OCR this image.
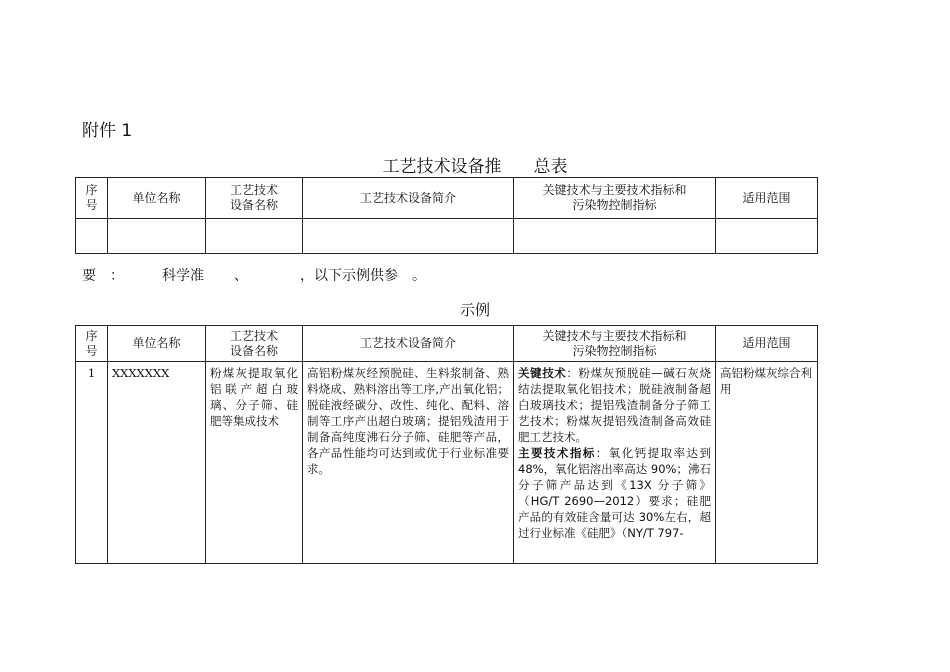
附件 1
工艺技术设备推 总表
序
号	单位名称	工艺技术
设备名称	工艺技术设备简介	关键技术与主要技术指标和
污染物控制指标	适用范围

要 ：	科学准 、	，以下示例供参 。
示例
序
号	单位名称	工艺技术
设备名称	工艺技术设备简介	关键技术与主要技术指标和
污染物控制指标	适用范围

1	XXXXXXX	粉煤灰提取氧化铝联产超白玻璃、分子筛、硅肥等集成技术	高铝粉煤灰经预脱硅、生料浆制备、熟料烧成、熟料溶出等工序,产出氧化铝；脱硅液经碳分、改性、纯化、配料、溶制等工序产出超白玻璃；提铝残渣用于制备高纯度沸石分子筛、硅肥等产品，各产品性能均可达到或优于行业标准要求。	关键技术：粉煤灰预脱硅—碱石灰烧结法提取氧化铝技术；脱硅液制备超白玻璃技术；提铝残渣制备分子筛工艺技术；粉煤灰提铝残渣制备高效硅肥工艺技术。
主要技术指标：氧化钙提取率达到48%，氧化铝溶出率高达 90%；沸石分子筛产品达到《13X 分子筛》（HG/T 2690—2012）要求；硅肥产品的有效硅含量可达 30%左右，超过行业标准《硅肥》（NY/T 797-	高铝粉煤灰综合利用
